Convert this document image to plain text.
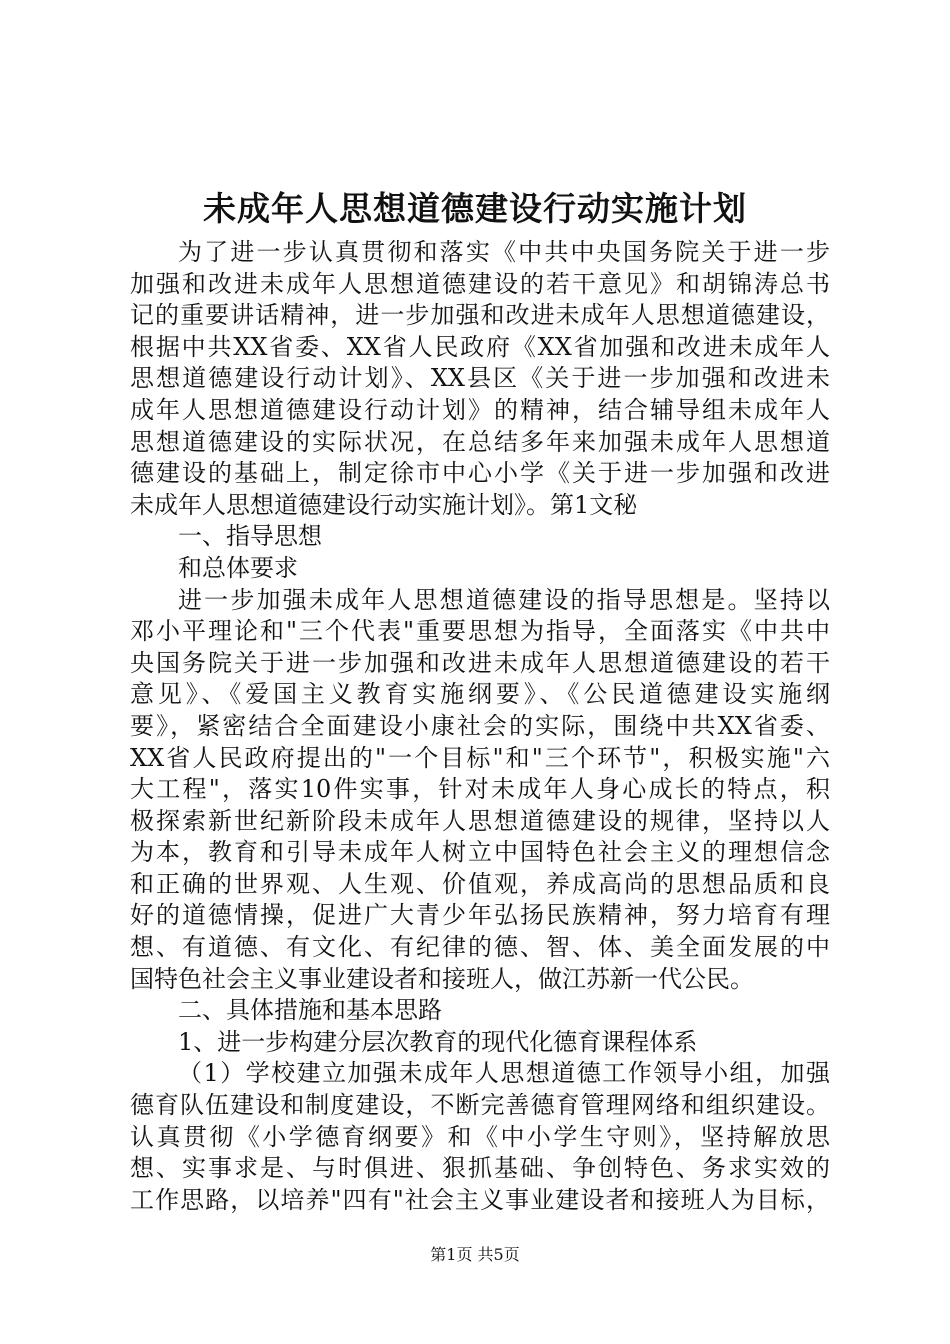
未成年人思想道德建设行动实施计划
为了进一步认真贯彻和落实《中共中央国务院关于进一步
加强和改进未成年人思想道德建设的若干意见》和胡锦涛总书
记的重要讲话精神，进一步加强和改进未成年人思想道德建设，
根据中共XX省委、XX省人民政府《XX省加强和改进未成年人
思想道德建设行动计划》、XX县区《关于进一步加强和改进未
成年人思想道德建设行动计划》的精神，结合辅导组未成年人
思想道德建设的实际状况，在总结多年来加强未成年人思想道
德建设的基础上，制定徐市中心小学《关于进一步加强和改进
未成年人思想道德建设行动实施计划》。第1文秘
一、指导思想
和总体要求
进一步加强未成年人思想道德建设的指导思想是。坚持以
邓小平理论和"三个代表"重要思想为指导，全面落实《中共中
央国务院关于进一步加强和改进未成年人思想道德建设的若干
意见》、《爱国主义教育实施纲要》、《公民道德建设实施纲
要》，紧密结合全面建设小康社会的实际，围绕中共XX省委、
XX省人民政府提出的"一个目标"和"三个环节"，积极实施"六
大工程"，落实10件实事，针对未成年人身心成长的特点，积
极探索新世纪新阶段未成年人思想道德建设的规律，坚持以人
为本，教育和引导未成年人树立中国特色社会主义的理想信念
和正确的世界观、人生观、价值观，养成高尚的思想品质和良
好的道德情操，促进广大青少年弘扬民族精神，努力培育有理
想、有道德、有文化、有纪律的德、智、体、美全面发展的中
国特色社会主义事业建设者和接班人，做江苏新一代公民。
二、具体措施和基本思路
1、进一步构建分层次教育的现代化德育课程体系
（1）学校建立加强未成年人思想道德工作领导小组，加强
德育队伍建设和制度建设，不断完善德育管理网络和组织建设。
认真贯彻《小学德育纲要》和《中小学生守则》，坚持解放思
想、实事求是、与时俱进、狠抓基础、争创特色、务求实效的
工作思路，以培养"四有"社会主义事业建设者和接班人为目标，
第1页 共5页
